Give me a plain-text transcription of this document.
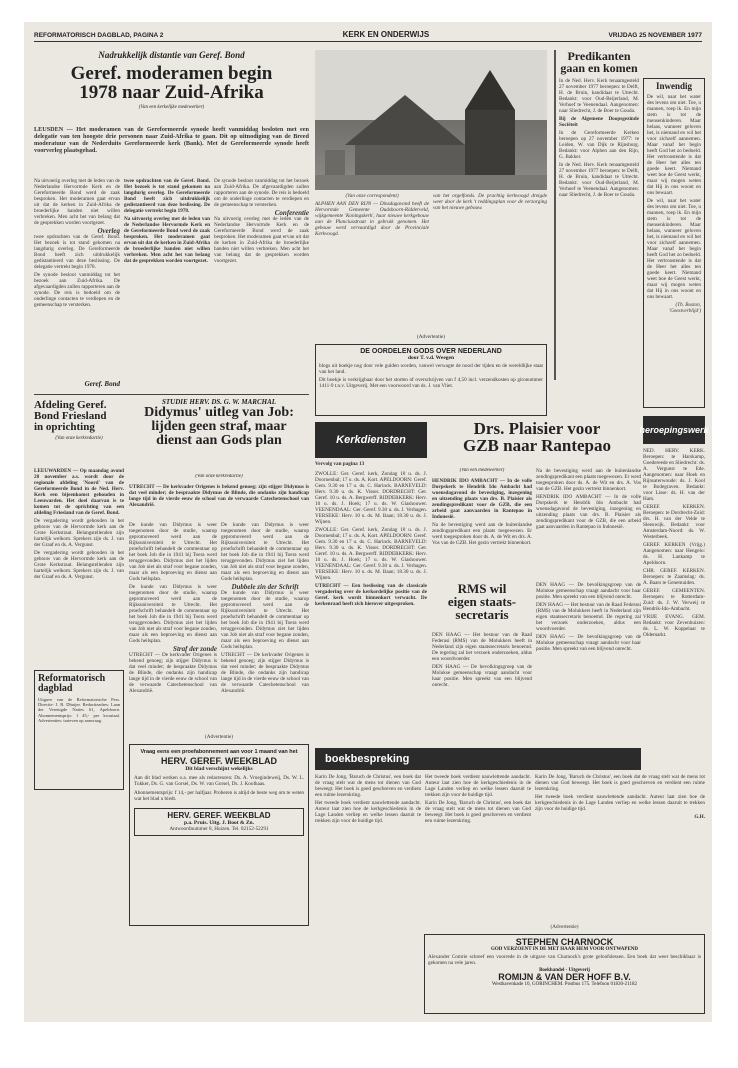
REFORMATORISCH DAGBLAD, PAGINA 2	KERK EN ONDERWIJS	VRIJDAG 25 NOVEMBER 1977
Nadrukkelijk distantie van Geref. Bond
Geref. moderamen begin
1978 naar Zuid-Afrika
(Van een kerkelijke medewerker)
LEUSDEN — Het moderamen van de Gereformeerde synode heeft vanmiddag besloten met een delegatie van ten hoogste drie personen naar Zuid-Afrika te gaan. Dit op uitnodiging van de Breed moderatuur van de Nederduits Gereformeerde kerk (Bank). Met de Gereformeerde synode heeft voorverleg plaatsgehad.

Na uitvoerig overleg met de leden van de Nederlandse Hervormde Kerk en de Gereformeerde Bond werd de zaak besproken. Het moderamen gaat ervan uit dat de kerken in Zuid-Afrika de broederlijke banden niet willen verbreken. Men acht het van belang dat de gesprekken worden voortgezet.

Overleg

twee opdrachten van de Geref. Bond. Het bezoek is tot stand gekomen na langdurig overleg. De Gereformeerde Bond heeft zich uitdrukkelijk gedistantieerd van deze beslissing. De delegatie vertrekt begin 1978.

De synode besloot vanmiddag tot het bezoek aan Zuid-Afrika. De afgevaardigden zullen rapporteren aan de synode. De reis is bedoeld om de onderlinge contacten te verdiepen en de gemeenschap te versterken.

twee opdrachten van de Geref. Bond. Het bezoek is tot stand gekomen na langdurig overleg. De Gereformeerde Bond heeft zich uitdrukkelijk gedistantieerd van deze beslissing. De delegatie vertrekt begin 1978.

Na uitvoerig overleg met de leden van de Nederlandse Hervormde Kerk en de Gereformeerde Bond werd de zaak besproken. Het moderamen gaat ervan uit dat de kerken in Zuid-Afrika de broederlijke banden niet willen verbreken. Men acht het van belang dat de gesprekken worden voortgezet.

De synode besloot vanmiddag tot het bezoek aan Zuid-Afrika. De afgevaardigden zullen rapporteren aan de synode. De reis is bedoeld om de onderlinge contacten te verdiepen en de gemeenschap te versterken.

Conferentie

Na uitvoerig overleg met de leden van de Nederlandse Hervormde Kerk en de Gereformeerde Bond werd de zaak besproken. Het moderamen gaat ervan uit dat de kerken in Zuid-Afrika de broederlijke banden niet willen verbreken. Men acht het van belang dat de gesprekken worden voortgezet.

Geref. Bond

(Van onze correspondent)

ALPHEN AAN DEN RIJN — Dinsdagavond heeft de Hervormde Gemeente Oudshoorn-Ridderveld, wijkgemeente 'Koningskerk', haar nieuwe kerkgebouw aan de Planciusstraat in gebruik genomen. Het gebouw werd vervaardigd door de Provinciale Kerkvoogd.

van het orgelfonds. De prachtig kerkvoogd dreigde weer door de kerk 't reddingsplan voor de verzorging van het nieuwe gebouw.
Predikanten
gaan en komen

In de Ned. Herv. Kerk tenaamgesteld 27 november 1977 beroepen: te Delft, H. de Bruin, kandidaat te Utrecht. Bedankt: voor Oud-Beijerland, M. Verhoef te Veenendaal. Aangenomen: naar Sliedrecht, J. de Boer te Gouda.

Bij de Algemene Doopsgezinde Sociëteit

In de Gereformeerde Kerken beroepen op 27 november 1977: te Leiden, W. van Dijk te Rijnsburg. Bedankt: voor Alphen aan den Rijn, G. Bakker.

In de Ned. Herv. Kerk tenaamgesteld 27 november 1977 beroepen: te Delft, H. de Bruin, kandidaat te Utrecht. Bedankt: voor Oud-Beijerland, M. Verhoef te Veenendaal. Aangenomen: naar Sliedrecht, J. de Boer te Gouda.

Inwendig

De wil, naar het water des levens om niet. Toe, u mannen, roep ik. En mijn stem is tot de mensenkinderen. Maar helaas, wanneer geloven het, is niemand en wil het voor zichzelf aannemen. Maar vanaf het begin heeft God het zo bedoeld. Het vertroostende is dat de Heer het alles ten goede keert. Niemand weet hoe de Geest werkt, maar wij mogen weten dat Hij in ons woont en ons bewaart.

De wil, naar het water des levens om niet. Toe, u mannen, roep ik. En mijn stem is tot de mensenkinderen. Maar helaas, wanneer geloven het, is niemand en wil het voor zichzelf aannemen. Maar vanaf het begin heeft God het zo bedoeld. Het vertroostende is dat de Heer het alles ten goede keert. Niemand weet hoe de Geest werkt, maar wij mogen weten dat Hij in ons woont en ons bewaart.

(Th. Boston, 'Geestverblijd')

(Advertentie)
DE OORDELEN GODS OVER NEDERLAND
door T. v.d. Weegen
blogs uit boekje nog door vele gulden worden, vanwel verwagte de nood der tijden en de wereldlijke staat van het land.
Dit boekje is verkrijgbaar door het storten of overschrijven van f 4,50 incl. verzendkosten op gironummer 1411-9 t.n.v. Uitgeverij. Met een voorwoord van ds. J. van Vliet.
STUDIE HERV. DS. G. W. MARCHAL
Didymus' uitleg van Job:
lijden geen straf, maar
dienst aan Gods plan
(Van onze kerkredactie)
UTRECHT — De kerkvader Origenes is bekend genoeg; zijn stijger Didymus is dat veel minder; de bespraakte Didymus de Blinde, die ondanks zijn handicap lange tijd in de vierde eeuw de school van de verwaarde Catechetenschool van Alexandrië.

De kunde van Didymus is weer toegenomen door de studie, waarop gepromoveerd werd aan de Rijksuniversiteit te Utrecht. Het proefschrift behandelt de commentaar op het boek Job die in 1941 bij Toera werd teruggevonden. Didymus ziet het lijden van Job niet als straf voor begane zonden, maar als een beproeving en dienst aan Gods heilsplan.

De kunde van Didymus is weer toegenomen door de studie, waarop gepromoveerd werd aan de Rijksuniversiteit te Utrecht. Het proefschrift behandelt de commentaar op het boek Job die in 1941 bij Toera werd teruggevonden. Didymus ziet het lijden van Job niet als straf voor begane zonden, maar als een beproeving en dienst aan Gods heilsplan.

Straf der zonde

UTRECHT — De kerkvader Origenes is bekend genoeg; zijn stijger Didymus is dat veel minder; de bespraakte Didymus de Blinde, die ondanks zijn handicap lange tijd in de vierde eeuw de school van de verwaarde Catechetenschool van Alexandrië.

De kunde van Didymus is weer toegenomen door de studie, waarop gepromoveerd werd aan de Rijksuniversiteit te Utrecht. Het proefschrift behandelt de commentaar op het boek Job die in 1941 bij Toera werd teruggevonden. Didymus ziet het lijden van Job niet als straf voor begane zonden, maar als een beproeving en dienst aan Gods heilsplan.

Dubbele zin der Schrift

De kunde van Didymus is weer toegenomen door de studie, waarop gepromoveerd werd aan de Rijksuniversiteit te Utrecht. Het proefschrift behandelt de commentaar op het boek Job die in 1941 bij Toera werd teruggevonden. Didymus ziet het lijden van Job niet als straf voor begane zonden, maar als een beproeving en dienst aan Gods heilsplan.

UTRECHT — De kerkvader Origenes is bekend genoeg; zijn stijger Didymus is dat veel minder; de bespraakte Didymus de Blinde, die ondanks zijn handicap lange tijd in de vierde eeuw de school van de verwaarde Catechetenschool van Alexandrië.

Afdeling Geref.
Bond Friesland
in oprichting
(Van onze kerkredactie)

LEEUWARDEN — Op maandag avond 28 november a.s. wordt door de regionale afdeling 'Noord' van de Gereformeerde Bond in de Ned. Herv. Kerk een bijeenkomst gehouden in Leeuwarden. Het doel daarvan is te komen tot de oprichting van een afdeling Friesland van de Geref. Bond.

De vergadering wordt gehouden in het gebouw van de Hervormde kerk aan de Grote Kerkstraat. Belangstellenden zijn hartelijk welkom. Sprekers zijn ds. J. van der Graaf en ds. A. Vergunst.

De vergadering wordt gehouden in het gebouw van de Hervormde kerk aan de Grote Kerkstraat. Belangstellenden zijn hartelijk welkom. Sprekers zijn ds. J. van der Graaf en ds. A. Vergunst.

Reformatorisch
dagblad
Uitgave van de Reformatorische Pers. Directie: J. B. Dhuijer. Redactieadres: Laan der Verenigde Naties 61, Apeldoorn. Abonnementsprijs: f 45,- per kwartaal. Advertenties: tarieven op aanvraag.
(Advertentie)
Vraag eens een proefabonnement aan voor 1 maand van het
HERV. GEREF. WEEKBLAD
Dit blad verschijnt wekelijks
Aan dit blad werken o.a. mee als redacteuren: Ds. A. Vroegindeweij, Ds. W. L. Tukker, Ds. G. van Gorsel, Ds. W. van Gorsel, Ds. J. Koolhaas.
Abonnementsprijs: f 14,- per halfjaar. Proberen is altijd de beste weg om te weten wat het blad u biedt.
HERV. GEREF. WEEKBLAD
p.a. Pruis. Uitg. J. Boot & Zn.
Antwoordnummer 8, Huizen. Tel. 02152-52291
Kerkdiensten
Vervolg van pagina 13

ZWOLLE: Ger. Geref. kerk, Zondag 10 u. ds. J. Doornenbal; 17 u. ds. A. Kort. APELDOORN: Geref. Gem. 9.30 en 17 u. ds. C. Harinck. BARNEVELD: Herv. 9.30 u. ds. K. Visser. DORDRECHT: Ger. Geref. 10 u. ds. A. Bergwerff. RIDDERKERK: Herv. 10 u. ds. J. Hoek; 17 u. ds. W. Glashouwer. VEENENDAAL: Ger. Geref. 9.30 u. ds. J. Verhagen. YERSEKE: Herv. 10 u. ds. M. Baan; 18.30 u. ds. J. Wijnen.

ZWOLLE: Ger. Geref. kerk, Zondag 10 u. ds. J. Doornenbal; 17 u. ds. A. Kort. APELDOORN: Geref. Gem. 9.30 en 17 u. ds. C. Harinck. BARNEVELD: Herv. 9.30 u. ds. K. Visser. DORDRECHT: Ger. Geref. 10 u. ds. A. Bergwerff. RIDDERKERK: Herv. 10 u. ds. J. Hoek; 17 u. ds. W. Glashouwer. VEENENDAAL: Ger. Geref. 9.30 u. ds. J. Verhagen. YERSEKE: Herv. 10 u. ds. M. Baan; 18.30 u. ds. J. Wijnen.

UTRECHT — Een beslissing van de classicale vergadering over de kerkordelijke positie van de Geref. kerk wordt binnenkort verwacht. De kerkenraad heeft zich hierover uitgesproken.

Drs. Plaisier voor
GZB naar Rantepao
(Van een medewerker)

HENDRIK IDO AMBACHT — In de volle Dorpskerk te Hendrik Ido Ambacht had woensdagavond de bevestiging, inzegening en uitzending plaats van drs. B. Plaisier als zendingspredikant voor de GZB, die een arbeid gaat aanvaarden in Rantepao in Indonesië.

Na de bevestiging werd aan de buitenlandse zendingspredikant een plaats toegewezen. Er werd toegesproken door ds. A. de Wit en drs. A. Vos van de GZB. Het gezin vertrekt binnenkort.

Na de bevestiging werd aan de buitenlandse zendingspredikant een plaats toegewezen. Er werd toegesproken door ds. A. de Wit en drs. A. Vos van de GZB. Het gezin vertrekt binnenkort.

HENDRIK IDO AMBACHT — In de volle Dorpskerk te Hendrik Ido Ambacht had woensdagavond de bevestiging, inzegening en uitzending plaats van drs. B. Plaisier als zendingspredikant voor de GZB, die een arbeid gaat aanvaarden in Rantepao in Indonesië.

RMS wil
eigen staats-
secretaris

DEN HAAG — Het bestuur van de Raad Federasi (RMS) van de Molukkers heeft in Nederland zijn eigen staatssecretaris benoemd. De regering zal het verzoek onderzoeken, aldus een woordvoerder.

DEN HAAG — De bevolkingsgroep van de Molukse gemeenschap vraagt aandacht voor haar positie. Men spreekt van een blijvend onrecht.

DEN HAAG — De bevolkingsgroep van de Molukse gemeenschap vraagt aandacht voor haar positie. Men spreekt van een blijvend onrecht.

DEN HAAG — Het bestuur van de Raad Federasi (RMS) van de Molukkers heeft in Nederland zijn eigen staatssecretaris benoemd. De regering zal het verzoek onderzoeken, aldus een woordvoerder.

DEN HAAG — De bevolkingsgroep van de Molukse gemeenschap vraagt aandacht voor haar positie. Men spreekt van een blijvend onrecht.

heroepingswerk

NED. HERV. KERK. Beroepen: te Harskamp, Goedereede en Sliedrecht: ds. A. Vergunst te Ede. Aangenomen: naar Hoek en Rijnsaterwoude: ds. J. Kool te Bodegraven. Bedankt: voor Lisse: ds. H. van der Ham.

GEREF. KERKEN. Beroepen: te Dordrecht-Zuid: drs. H. van der Velde te Sleeuwijk. Bedankt: voor Amsterdam-Noord: ds. W. Westerbeek.

GEREF. KERKEN (Vrijg.) Aangenomen: naar Hengelo: ds. H. Lankamp te Apeldoorn.

CHR. GEREF. KERKEN. Beroepen: te Zaamslag: ds. A. Baars te Genemuiden.

GEREF. GEMEENTEN. Beroepen: te Rotterdam-Zuid: ds. J. W. Verweij te Hendrik-Ido-Ambacht.

VRIJE EVANG. GEM. Bedankt: voor Zevenhuizen: ds. L. W. Koppelaar te Oldemarkt.

boekbespreking

Karin De Jong, 'Baruch de Christus', een boek dat de vraag stelt wat de mens tot dienen van God beweegt. Het boek is goed geschreven en verdient een ruime lezerskring.

Het tweede boek verdient nauwlettende aandacht. Auteur laat zien hoe de kerkgeschiedenis in de Lage Landen verliep en welke lessen daaruit te trekken zijn voor de huidige tijd.

Het tweede boek verdient nauwlettende aandacht. Auteur laat zien hoe de kerkgeschiedenis in de Lage Landen verliep en welke lessen daaruit te trekken zijn voor de huidige tijd.

Karin De Jong, 'Baruch de Christus', een boek dat de vraag stelt wat de mens tot dienen van God beweegt. Het boek is goed geschreven en verdient een ruime lezerskring.

Karin De Jong, 'Baruch de Christus', een boek dat de vraag stelt wat de mens tot dienen van God beweegt. Het boek is goed geschreven en verdient een ruime lezerskring.

Het tweede boek verdient nauwlettende aandacht. Auteur laat zien hoe de kerkgeschiedenis in de Lage Landen verliep en welke lessen daaruit te trekken zijn voor de huidige tijd.

G.H.

(Advertentie)
STEPHEN CHARNOCK
GOD VERZOENT IN DE MET HAAR HEM VOOR ONTWAPEND
Alexander Comrie schreef een voorrede in de uitgave van Charnock's grote geloofslessen. Een boek dat weer beschikbaar is gekomen na vele jaren.
Boekhandel - Uitgeverij
ROMIJN & VAN DER HOFF B.V.
Westhavenkade 10, GORINCHEM. Postbus 175. Telefoon 01830-21182
